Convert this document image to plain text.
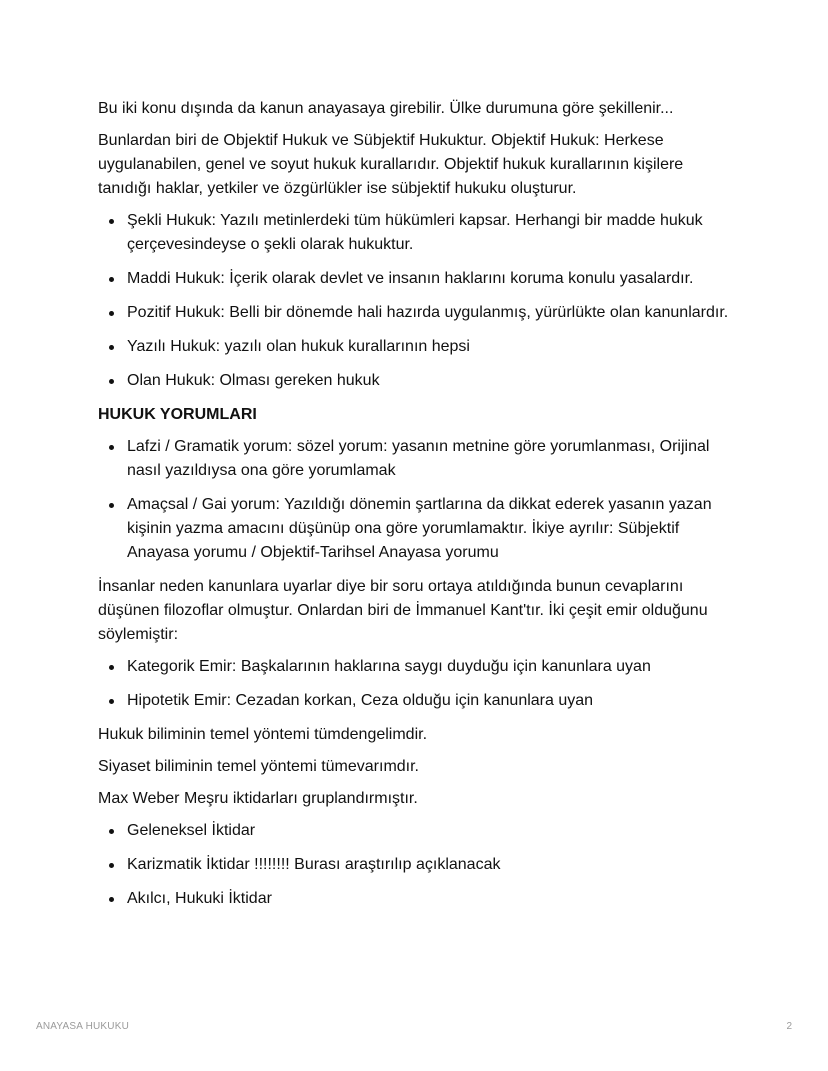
Bu iki konu dışında da kanun anayasaya girebilir. Ülke durumuna göre şekillenir...

Bunlardan biri de Objektif Hukuk ve Sübjektif Hukuktur. Objektif Hukuk: Herkese uygulanabilen, genel ve soyut hukuk kurallarıdır. Objektif hukuk kurallarının kişilere tanıdığı haklar, yetkiler ve özgürlükler ise sübjektif hukuku oluşturur.

Şekli Hukuk: Yazılı metinlerdeki tüm hükümleri kapsar. Herhangi bir madde hukuk çerçevesindeyse o şekli olarak hukuktur.
Maddi Hukuk: İçerik olarak devlet ve insanın haklarını koruma konulu yasalardır.
Pozitif Hukuk: Belli bir dönemde hali hazırda uygulanmış, yürürlükte olan kanunlardır.
Yazılı Hukuk: yazılı olan hukuk kurallarının hepsi
Olan Hukuk: Olması gereken hukuk
HUKUK YORUMLARI
Lafzi / Gramatik yorum: sözel yorum: yasanın metnine göre yorumlanması, Orijinal nasıl yazıldıysa ona göre yorumlamak
Amaçsal / Gai yorum: Yazıldığı dönemin şartlarına da dikkat ederek yasanın yazan kişinin yazma amacını düşünüp ona göre yorumlamaktır. İkiye ayrılır: Sübjektif Anayasa yorumu / Objektif-Tarihsel Anayasa yorumu

İnsanlar neden kanunlara uyarlar diye bir soru ortaya atıldığında bunun cevaplarını düşünen filozoflar olmuştur. Onlardan biri de İmmanuel Kant'tır. İki çeşit emir olduğunu söylemiştir:

Kategorik Emir: Başkalarının haklarına saygı duyduğu için kanunlara uyan
Hipotetik Emir: Cezadan korkan, Ceza olduğu için kanunlara uyan

Hukuk biliminin temel yöntemi tümdengelimdir.

Siyaset biliminin temel yöntemi tümevarımdır.

Max Weber Meşru iktidarları gruplandırmıştır.

Geleneksel İktidar
Karizmatik İktidar !!!!!!!! Burası araştırılıp açıklanacak
Akılcı, Hukuki İktidar
ANAYASA HUKUKU	2
